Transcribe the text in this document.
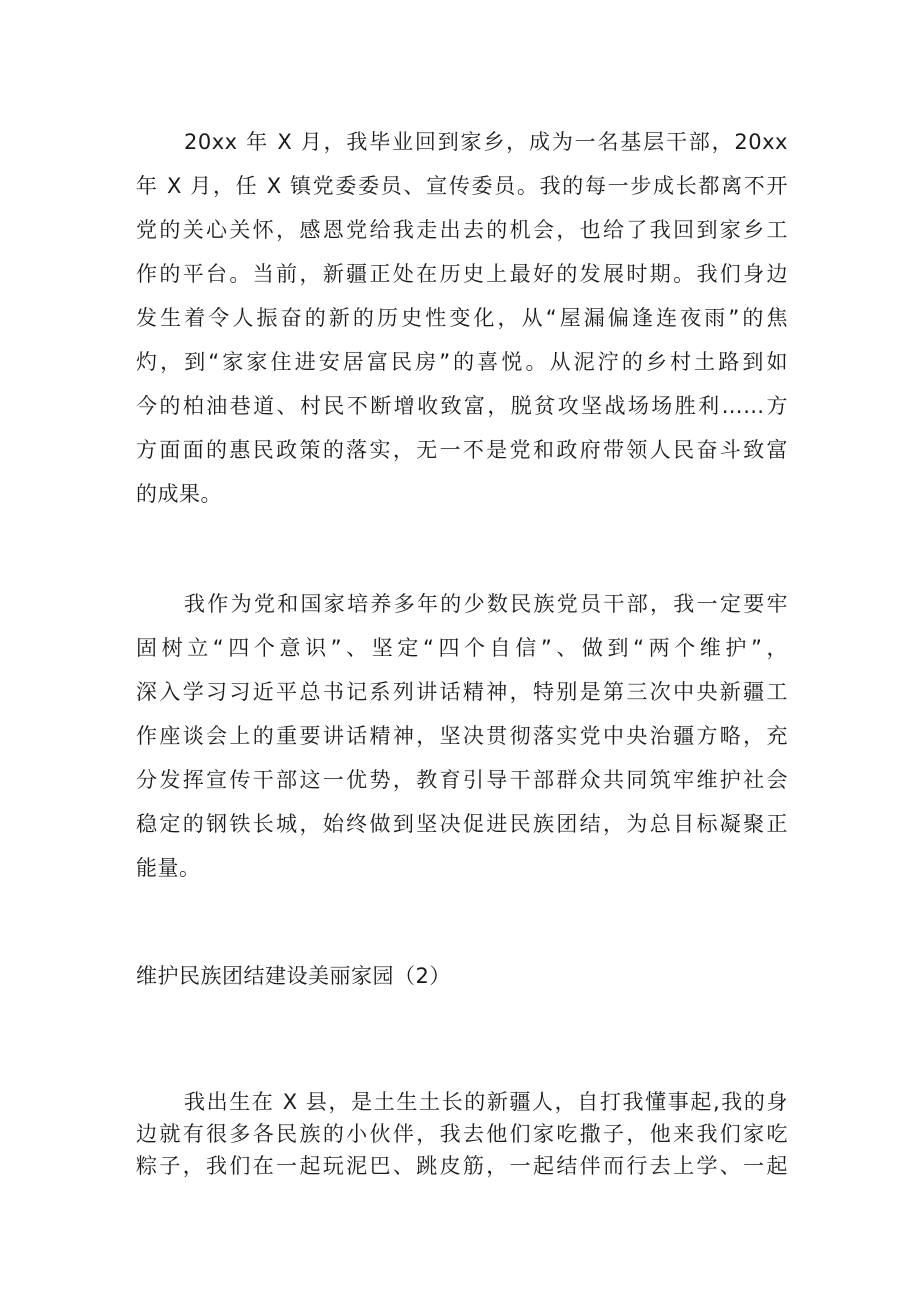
20xx 年 X 月，我毕业回到家乡，成为一名基层干部，20xx
年 X 月，任 X 镇党委委员、宣传委员。我的每一步成长都离不开
党的关心关怀，感恩党给我走出去的机会，也给了我回到家乡工
作的平台。当前，新疆正处在历史上最好的发展时期。我们身边
发生着令人振奋的新的历史性变化，从“屋漏偏逢连夜雨”的焦
灼，到“家家住进安居富民房”的喜悦。从泥泞的乡村土路到如
今的柏油巷道、村民不断增收致富，脱贫攻坚战场场胜利……方
方面面的惠民政策的落实，无一不是党和政府带领人民奋斗致富
的成果。
我作为党和国家培养多年的少数民族党员干部，我一定要牢
固树立“四个意识”、坚定“四个自信”、做到“两个维护”，
深入学习习近平总书记系列讲话精神，特别是第三次中央新疆工
作座谈会上的重要讲话精神，坚决贯彻落实党中央治疆方略，充
分发挥宣传干部这一优势，教育引导干部群众共同筑牢维护社会
稳定的钢铁长城，始终做到坚决促进民族团结，为总目标凝聚正
能量。
维护民族团结建设美丽家园（2）
我出生在 X 县，是土生土长的新疆人，自打我懂事起,我的身
边就有很多各民族的小伙伴，我去他们家吃撒子，他来我们家吃
粽子，我们在一起玩泥巴、跳皮筋，一起结伴而行去上学、一起
